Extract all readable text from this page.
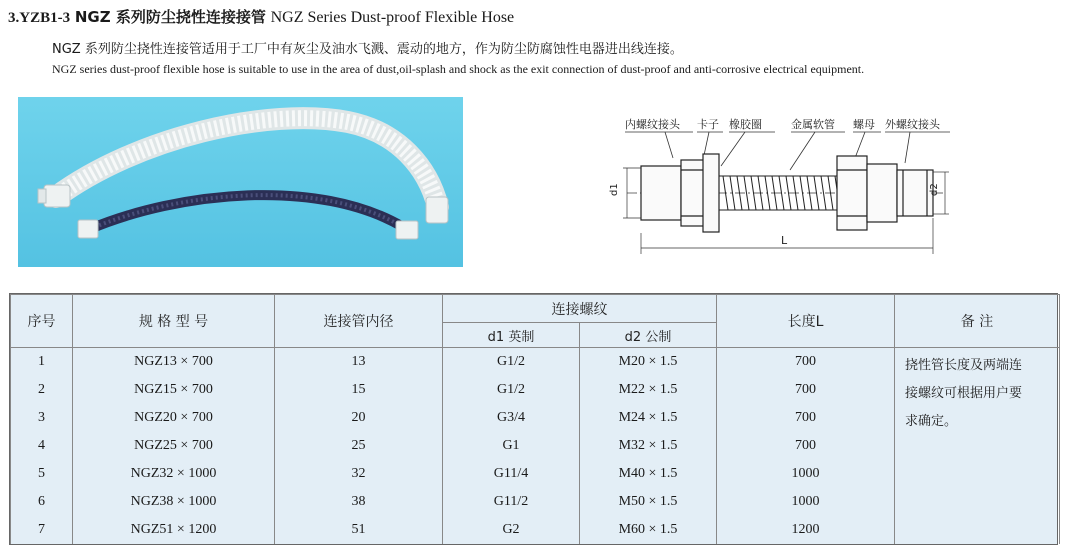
3.YZB1-3 NGZ 系列防尘挠性连接接管 NGZ Series Dust-proof Flexible Hose
NGZ 系列防尘挠性连接管适用于工厂中有灰尘及油水飞溅、震动的地方，作为防尘防腐蚀性电器进出线连接。
NGZ series dust-proof flexible hose is suitable to use in the area of dust,oil-splash and shock as the exit connection of dust-proof and anti-corrosive electrical equipment.
内螺纹接头 卡子 橡胶圈	金属软管 螺母 外螺纹接头
d1	d2
L
序号	规 格 型 号	连接管内径	连接螺纹		长度L	备 注
			d1 英制	d2 公制		
1	NGZ13 × 700	13	G1/2	M20 × 1.5	700	挠性管长度及两端连
接螺纹可根据用户要
求确定。

2	NGZ15 × 700	15	G1/2	M22 × 1.5	700	
3	NGZ20 × 700	20	G3/4	M24 × 1.5	700	
4	NGZ25 × 700	25	G1	M32 × 1.5	700	
5	NGZ32 × 1000	32	G11/4	M40 × 1.5	1000	
6	NGZ38 × 1000	38	G11/2	M50 × 1.5	1000	
7	NGZ51 × 1200	51	G2	M60 × 1.5	1200	
